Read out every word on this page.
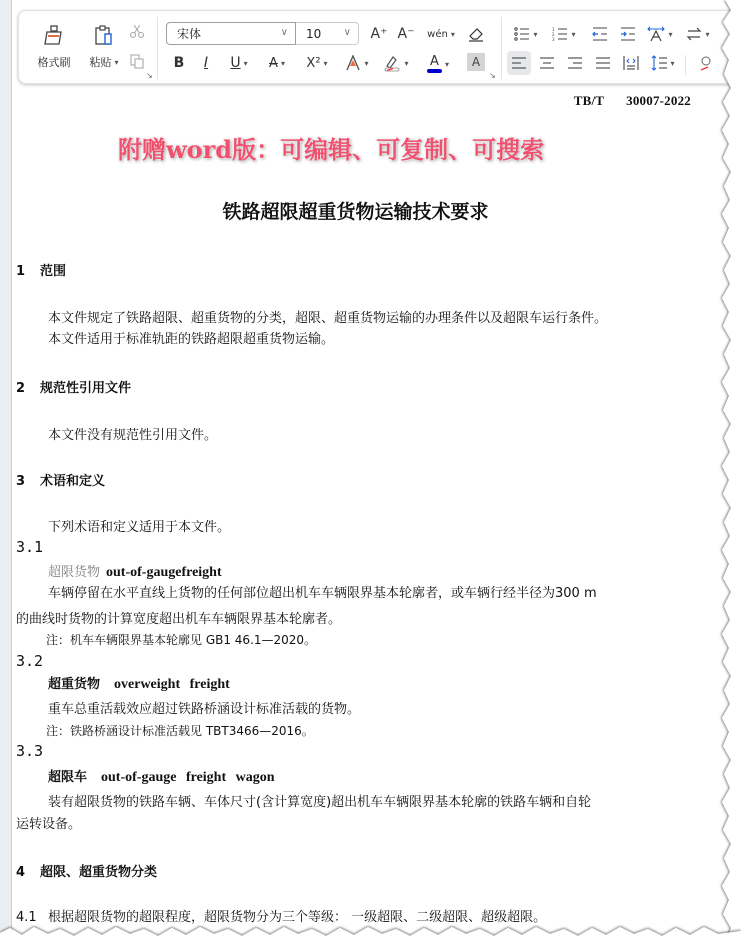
格式刷 粘贴 ▾
↘
宋体	∨ 10 ∨ A⁺ A⁻ wén ▾
B I U ▾ A ▾ X² ▾	▾	▾ A ▾ A
↘
▾	1
2
3
▾	▾	▾
▾
TB/T 30007-2022
附赠word版：可编辑、可复制、可搜索
铁路超限超重货物运输技术要求
1 范围
本文件规定了铁路超限、超重货物的分类，超限、超重货物运输的办理条件以及超限车运行条件。
本文件适用于标准轨距的铁路超限超重货物运输。
2 规范性引用文件
本文件没有规范性引用文件。
3 术语和定义
下列术语和定义适用于本文件。
3.1
超限货物 out-of-gaugefreight
车辆停留在水平直线上货物的任何部位超出机车车辆限界基本轮廓者，或车辆行经半径为300 m
的曲线时货物的计算宽度超出机车车辆限界基本轮廓者。
注：机车车辆限界基本轮廓见 GB1 46.1—2020。
3.2
超重货物 overweight freight
重车总重活载效应超过铁路桥涵设计标准活载的货物。
注：铁路桥涵设计标准活载见 TBT3466—2016。
3.3
超限车 out-of-gauge freight wagon
装有超限货物的铁路车辆、车体尺寸(含计算宽度)超出机车车辆限界基本轮廓的铁路车辆和自轮
运转设备。
4 超限、超重货物分类
4.1 根据超限货物的超限程度，超限货物分为三个等级： 一级超限、二级超限、超级超限。
